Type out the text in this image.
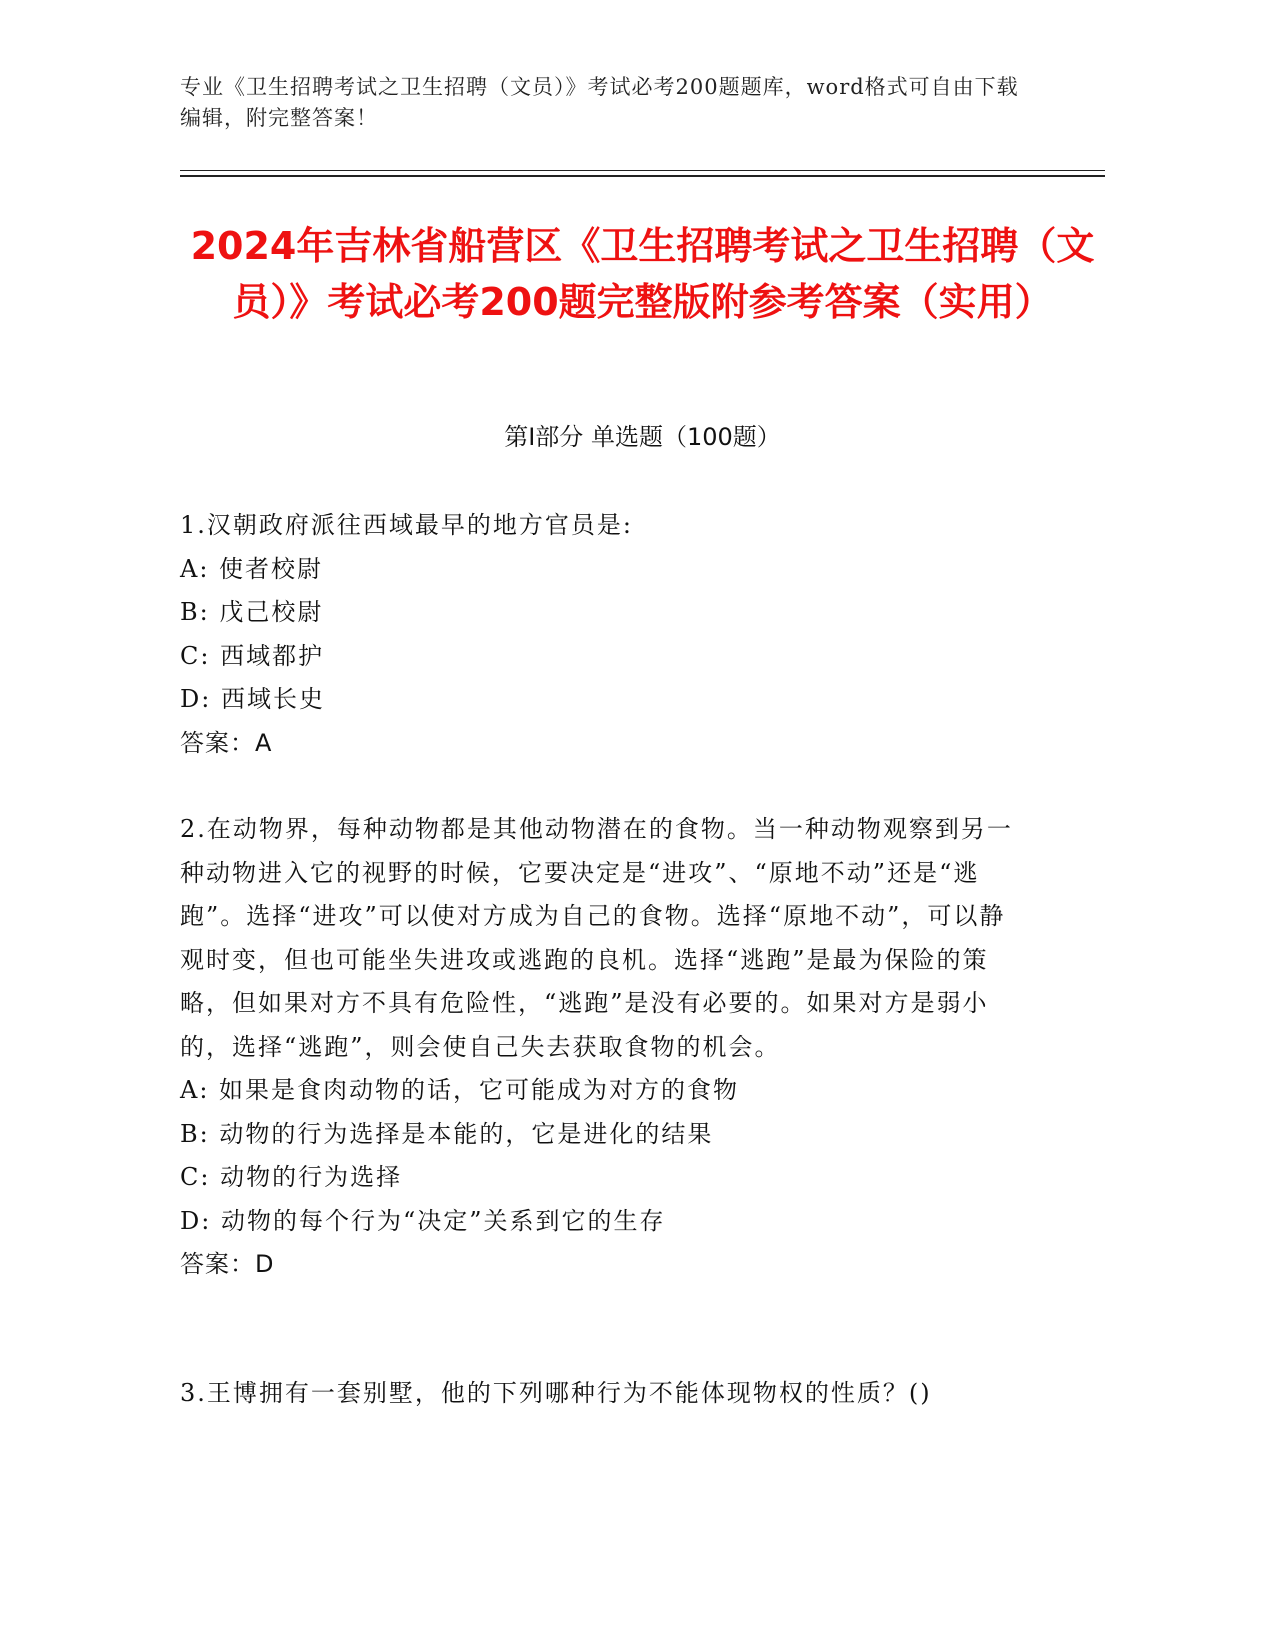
专业《卫生招聘考试之卫生招聘（文员）》考试必考200题题库，word格式可自由下载编辑，附完整答案！
2024年吉林省船营区《卫生招聘考试之卫生招聘（文员）》考试必考200题完整版附参考答案（实用）
第I部分 单选题（100题）
1.汉朝政府派往西域最早的地方官员是:
A: 使者校尉
B: 戊己校尉
C: 西域都护
D: 西域长史
答案：A
2.在动物界，每种动物都是其他动物潜在的食物。当一种动物观察到另一种动物进入它的视野的时候，它要决定是“进攻”、“原地不动”还是“逃跑”。选择“进攻”可以使对方成为自己的食物。选择“原地不动”，可以静观时变，但也可能坐失进攻或逃跑的良机。选择“逃跑”是最为保险的策略，但如果对方不具有危险性，“逃跑”是没有必要的。如果对方是弱小的，选择“逃跑”，则会使自己失去获取食物的机会。
A: 如果是食肉动物的话，它可能成为对方的食物
B: 动物的行为选择是本能的，它是进化的结果
C: 动物的行为选择
D: 动物的每个行为“决定”关系到它的生存
答案：D
3.王博拥有一套别墅，他的下列哪种行为不能体现物权的性质？()
